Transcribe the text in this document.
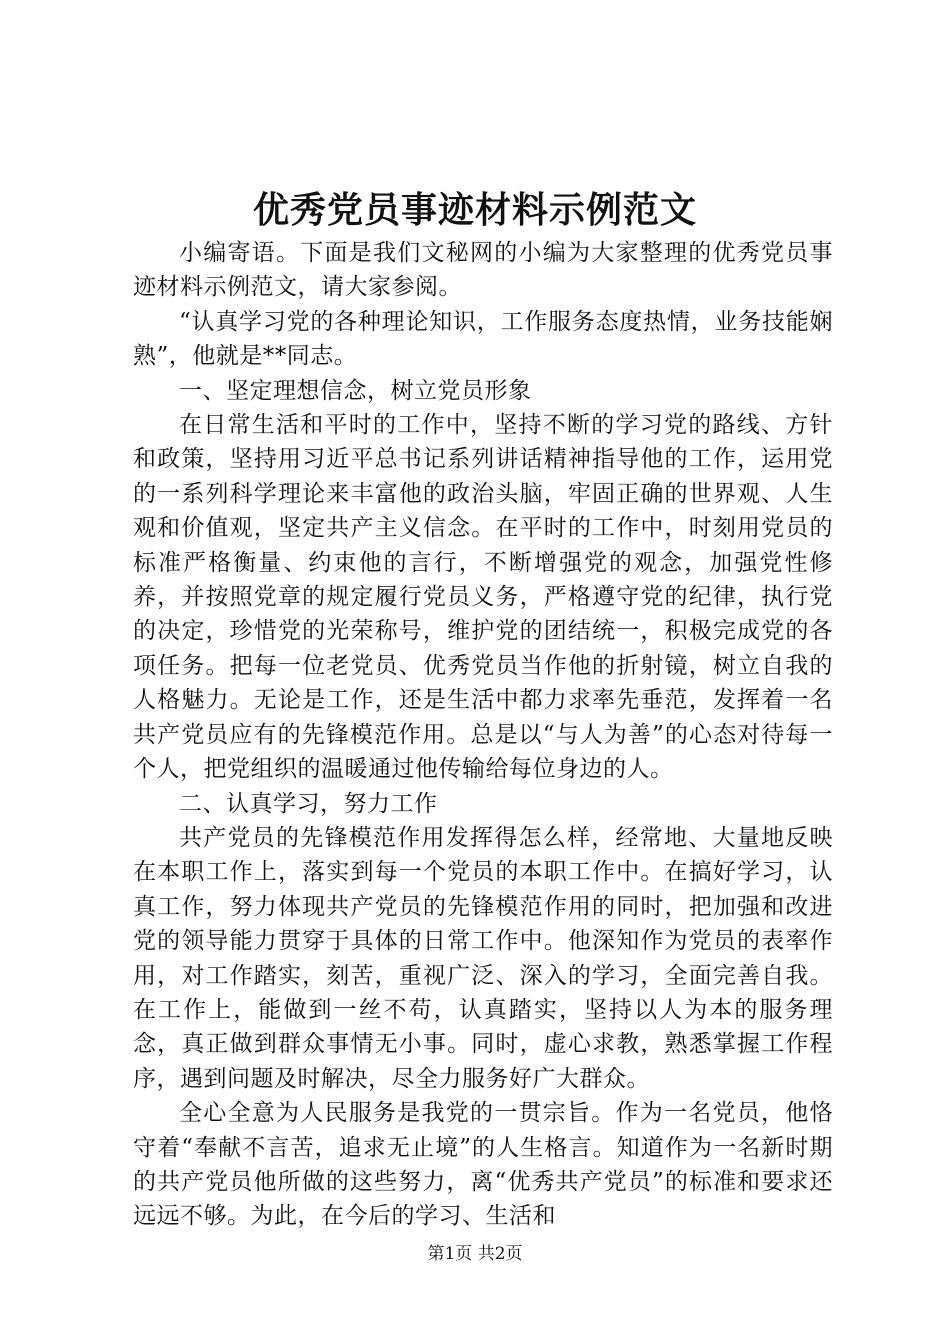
优秀党员事迹材料示例范文

小编寄语。下面是我们文秘网的小编为大家整理的优秀党员事迹材料示例范文，请大家参阅。

“认真学习党的各种理论知识，工作服务态度热情，业务技能娴熟”，他就是**同志。

一、坚定理想信念，树立党员形象

在日常生活和平时的工作中，坚持不断的学习党的路线、方针和政策，坚持用习近平总书记系列讲话精神指导他的工作，运用党的一系列科学理论来丰富他的政治头脑，牢固正确的世界观、人生观和价值观，坚定共产主义信念。在平时的工作中，时刻用党员的标准严格衡量、约束他的言行，不断增强党的观念，加强党性修养，并按照党章的规定履行党员义务，严格遵守党的纪律，执行党的决定，珍惜党的光荣称号，维护党的团结统一，积极完成党的各项任务。把每一位老党员、优秀党员当作他的折射镜，树立自我的人格魅力。无论是工作，还是生活中都力求率先垂范，发挥着一名共产党员应有的先锋模范作用。总是以“与人为善”的心态对待每一个人，把党组织的温暖通过他传输给每位身边的人。

二、认真学习，努力工作

共产党员的先锋模范作用发挥得怎么样，经常地、大量地反映在本职工作上，落实到每一个党员的本职工作中。在搞好学习，认真工作，努力体现共产党员的先锋模范作用的同时，把加强和改进党的领导能力贯穿于具体的日常工作中。他深知作为党员的表率作用，对工作踏实，刻苦，重视广泛、深入的学习，全面完善自我。在工作上，能做到一丝不苟，认真踏实，坚持以人为本的服务理念，真正做到群众事情无小事。同时，虚心求教，熟悉掌握工作程序，遇到问题及时解决，尽全力服务好广大群众。

全心全意为人民服务是我党的一贯宗旨。作为一名党员，他恪守着“奉献不言苦，追求无止境”的人生格言。知道作为一名新时期的共产党员他所做的这些努力，离“优秀共产党员”的标准和要求还远远不够。为此，在今后的学习、生活和

第1页 共2页
